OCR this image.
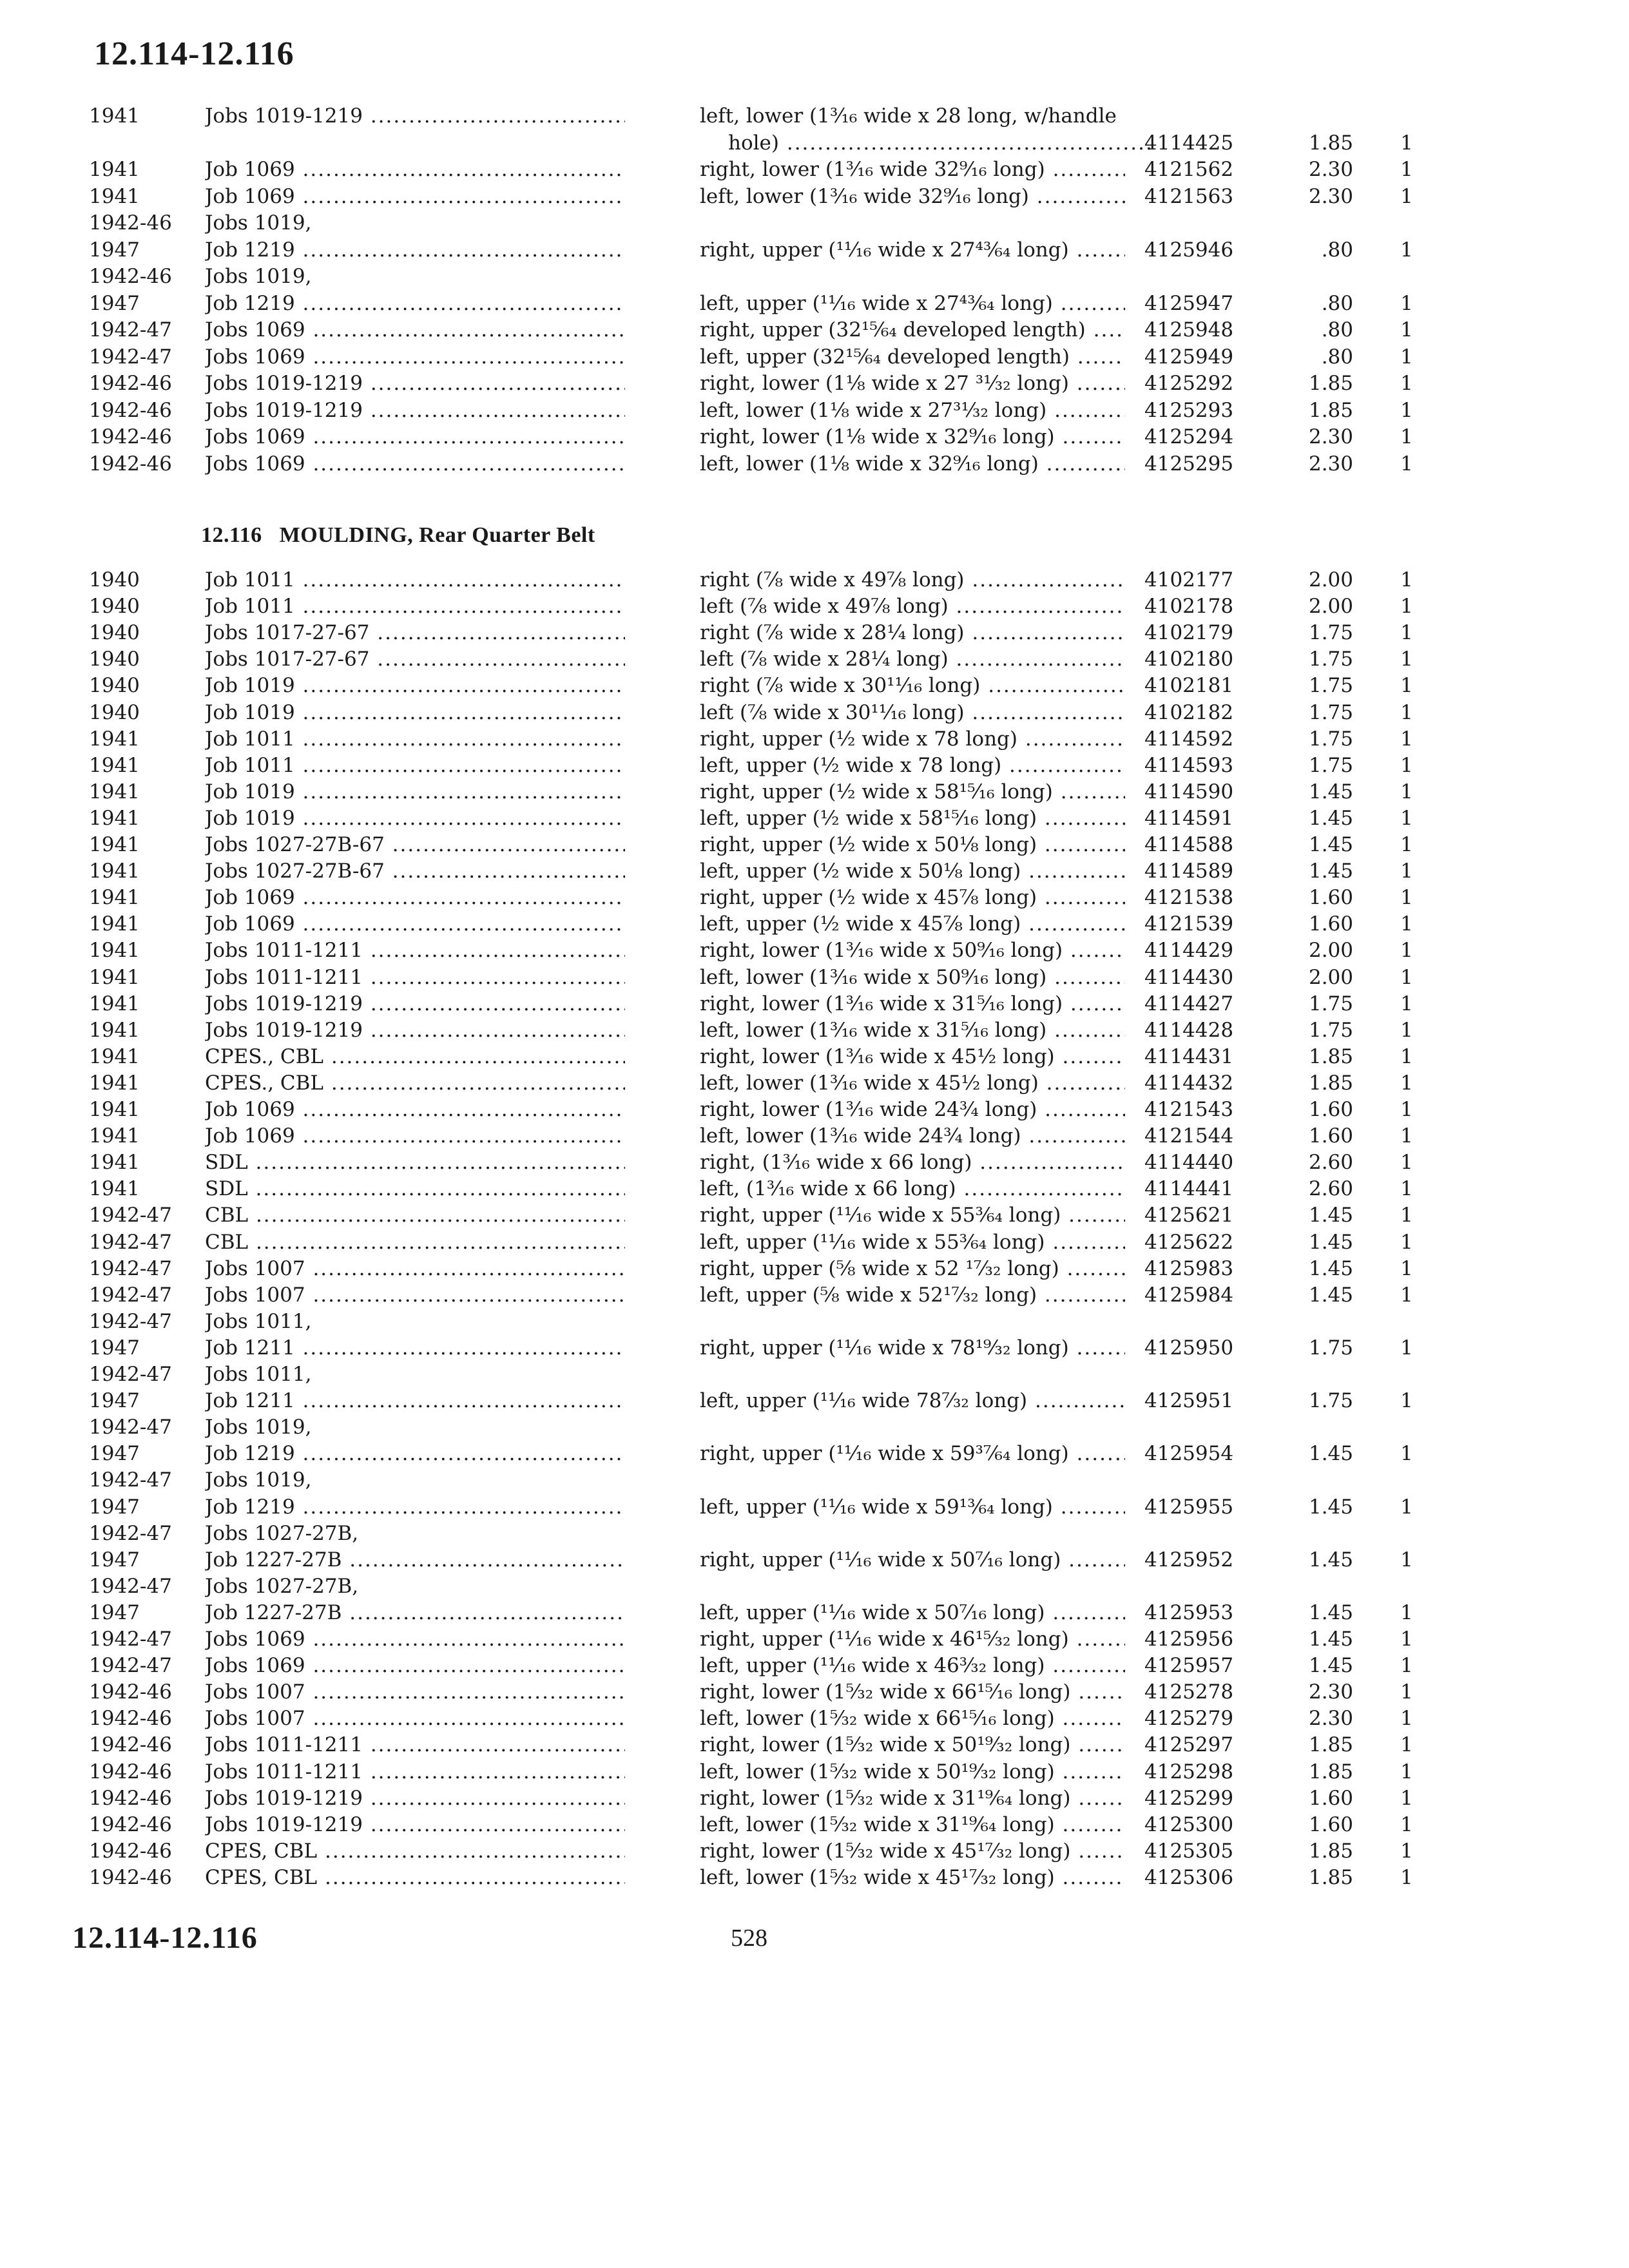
12.114-12.116
1941	Jobs 1019-1219 .....	left, lower (1³⁄₁₆ wide x 28 long, w/handle
hole) .....	4114425	1.85 1
1941	Job 1069 .....	right, lower (1³⁄₁₆ wide 32⁹⁄₁₆ long) .....	4121562	2.30 1
1941	Job 1069 .....	left, lower (1³⁄₁₆ wide 32⁹⁄₁₆ long) .....	4121563	2.30 1
1942-46	Jobs 1019,
1947	Job 1219 .....	right, upper (¹¹⁄₁₆ wide x 27⁴³⁄₆₄ long) .....	4125946	.80 1
1942-46	Jobs 1019,
1947	Job 1219 .....	left, upper (¹¹⁄₁₆ wide x 27⁴³⁄₆₄ long) .....	4125947	.80 1
1942-47	Jobs 1069 .....	right, upper (32¹⁵⁄₆₄ developed length) .....	4125948	.80 1
1942-47	Jobs 1069 .....	left, upper (32¹⁵⁄₆₄ developed length) .....	4125949	.80 1
1942-46	Jobs 1019-1219 .....	right, lower (1⅛ wide x 27 ³¹⁄₃₂ long) .....	4125292	1.85 1
1942-46	Jobs 1019-1219 .....	left, lower (1⅛ wide x 27³¹⁄₃₂ long) .....	4125293	1.85 1
1942-46	Jobs 1069 .....	right, lower (1⅛ wide x 32⁹⁄₁₆ long) .....	4125294	2.30 1
1942-46	Jobs 1069 .....	left, lower (1⅛ wide x 32⁹⁄₁₆ long) .....	4125295	2.30 1
12.116 MOULDING, Rear Quarter Belt
1940	Job 1011 .....	right (⅞ wide x 49⅞ long) .....	4102177	2.00 1
1940	Job 1011 .....	left (⅞ wide x 49⅞ long) .....	4102178	2.00 1
1940	Jobs 1017-27-67 .....	right (⅞ wide x 28¼ long) .....	4102179	1.75 1
1940	Jobs 1017-27-67 .....	left (⅞ wide x 28¼ long) .....	4102180	1.75 1
1940	Job 1019 .....	right (⅞ wide x 30¹¹⁄₁₆ long) .....	4102181	1.75 1
1940	Job 1019 .....	left (⅞ wide x 30¹¹⁄₁₆ long) .....	4102182	1.75 1
1941	Job 1011 .....	right, upper (½ wide x 78 long) .....	4114592	1.75 1
1941	Job 1011 .....	left, upper (½ wide x 78 long) .....	4114593	1.75 1
1941	Job 1019 .....	right, upper (½ wide x 58¹⁵⁄₁₆ long) .....	4114590	1.45 1
1941	Job 1019 .....	left, upper (½ wide x 58¹⁵⁄₁₆ long) .....	4114591	1.45 1
1941	Jobs 1027-27B-67 .....	right, upper (½ wide x 50⅛ long) .....	4114588	1.45 1
1941	Jobs 1027-27B-67 .....	left, upper (½ wide x 50⅛ long) .....	4114589	1.45 1
1941	Job 1069 .....	right, upper (½ wide x 45⅞ long) .....	4121538	1.60 1
1941	Job 1069 .....	left, upper (½ wide x 45⅞ long) .....	4121539	1.60 1
1941	Jobs 1011-1211 .....	right, lower (1³⁄₁₆ wide x 50⁹⁄₁₆ long) .....	4114429	2.00 1
1941	Jobs 1011-1211 .....	left, lower (1³⁄₁₆ wide x 50⁹⁄₁₆ long) .....	4114430	2.00 1
1941	Jobs 1019-1219 .....	right, lower (1³⁄₁₆ wide x 31⁵⁄₁₆ long) .....	4114427	1.75 1
1941	Jobs 1019-1219 .....	left, lower (1³⁄₁₆ wide x 31⁵⁄₁₆ long) .....	4114428	1.75 1
1941	CPES., CBL .....	right, lower (1³⁄₁₆ wide x 45½ long) .....	4114431	1.85 1
1941	CPES., CBL .....	left, lower (1³⁄₁₆ wide x 45½ long) .....	4114432	1.85 1
1941	Job 1069 .....	right, lower (1³⁄₁₆ wide 24¾ long) .....	4121543	1.60 1
1941	Job 1069 .....	left, lower (1³⁄₁₆ wide 24¾ long) .....	4121544	1.60 1
1941	SDL .....	right, (1³⁄₁₆ wide x 66 long) .....	4114440	2.60 1
1941	SDL .....	left, (1³⁄₁₆ wide x 66 long) .....	4114441	2.60 1
1942-47	CBL .....	right, upper (¹¹⁄₁₆ wide x 55³⁄₆₄ long) .....	4125621	1.45 1
1942-47	CBL .....	left, upper (¹¹⁄₁₆ wide x 55³⁄₆₄ long) .....	4125622	1.45 1
1942-47	Jobs 1007 .....	right, upper (⅝ wide x 52 ¹⁷⁄₃₂ long) .....	4125983	1.45 1
1942-47	Jobs 1007 .....	left, upper (⅝ wide x 52¹⁷⁄₃₂ long) .....	4125984	1.45 1
1942-47	Jobs 1011,
1947	Job 1211 .....	right, upper (¹¹⁄₁₆ wide x 78¹⁹⁄₃₂ long) .....	4125950	1.75 1
1942-47	Jobs 1011,
1947	Job 1211 .....	left, upper (¹¹⁄₁₆ wide 78⁷⁄₃₂ long) .....	4125951	1.75 1
1942-47	Jobs 1019,
1947	Job 1219 .....	right, upper (¹¹⁄₁₆ wide x 59³⁷⁄₆₄ long) .....	4125954	1.45 1
1942-47	Jobs 1019,
1947	Job 1219 .....	left, upper (¹¹⁄₁₆ wide x 59¹³⁄₆₄ long) .....	4125955	1.45 1
1942-47	Jobs 1027-27B,
1947	Job 1227-27B .....	right, upper (¹¹⁄₁₆ wide x 50⁷⁄₁₆ long) .....	4125952	1.45 1
1942-47	Jobs 1027-27B,
1947	Job 1227-27B .....	left, upper (¹¹⁄₁₆ wide x 50⁷⁄₁₆ long) .....	4125953	1.45 1
1942-47	Jobs 1069 .....	right, upper (¹¹⁄₁₆ wide x 46¹⁵⁄₃₂ long) .....	4125956	1.45 1
1942-47	Jobs 1069 .....	left, upper (¹¹⁄₁₆ wide x 46³⁄₃₂ long) .....	4125957	1.45 1
1942-46	Jobs 1007 .....	right, lower (1⁵⁄₃₂ wide x 66¹⁵⁄₁₆ long) .....	4125278	2.30 1
1942-46	Jobs 1007 .....	left, lower (1⁵⁄₃₂ wide x 66¹⁵⁄₁₆ long) .....	4125279	2.30 1
1942-46	Jobs 1011-1211 .....	right, lower (1⁵⁄₃₂ wide x 50¹⁹⁄₃₂ long) .....	4125297	1.85 1
1942-46	Jobs 1011-1211 .....	left, lower (1⁵⁄₃₂ wide x 50¹⁹⁄₃₂ long) .....	4125298	1.85 1
1942-46	Jobs 1019-1219 .....	right, lower (1⁵⁄₃₂ wide x 31¹⁹⁄₆₄ long) .....	4125299	1.60 1
1942-46	Jobs 1019-1219 .....	left, lower (1⁵⁄₃₂ wide x 31¹⁹⁄₆₄ long) .....	4125300	1.60 1
1942-46	CPES, CBL .....	right, lower (1⁵⁄₃₂ wide x 45¹⁷⁄₃₂ long) .....	4125305	1.85 1
1942-46	CPES, CBL .....	left, lower (1⁵⁄₃₂ wide x 45¹⁷⁄₃₂ long) .....	4125306	1.85 1
12.114-12.116	528
